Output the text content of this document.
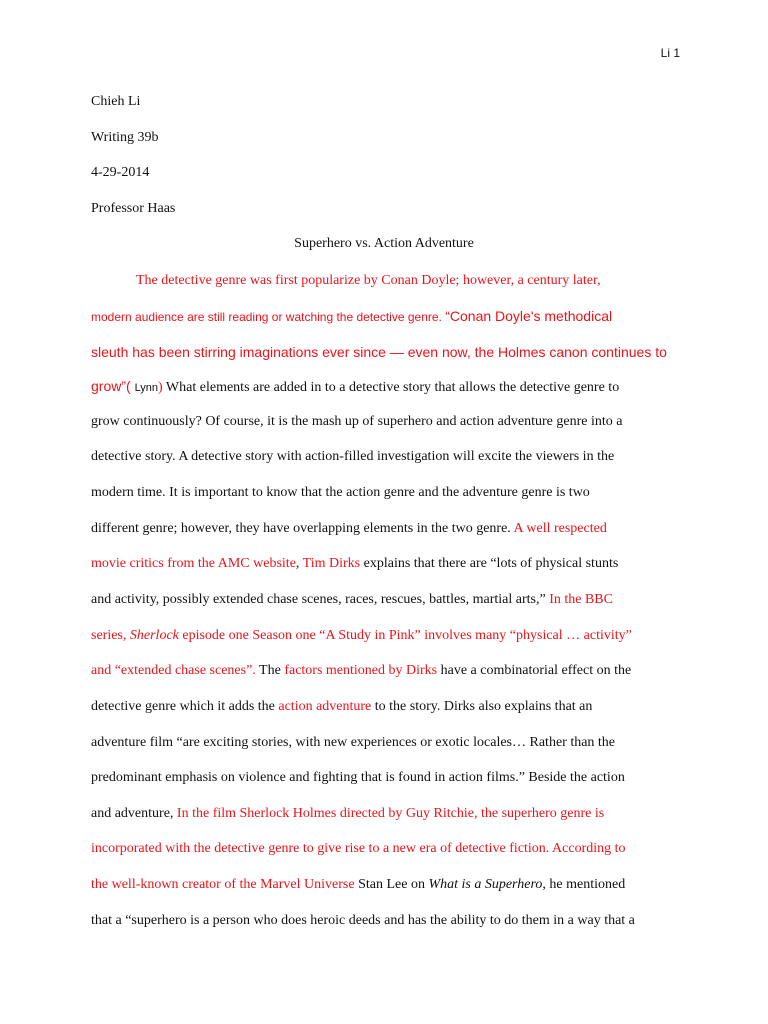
Li 1
Chieh Li
Writing 39b
4-29-2014
Professor Haas
Superhero vs. Action Adventure
The detective genre was first popularize by Conan Doyle; however, a century later,
modern audience are still reading or watching the detective genre. “Conan Doyle's methodical
sleuth has been stirring imaginations ever since — even now, the Holmes canon continues to
grow”( Lynn) What elements are added in to a detective story that allows the detective genre to
grow continuously? Of course, it is the mash up of superhero and action adventure genre into a
detective story. A detective story with action-filled investigation will excite the viewers in the
modern time. It is important to know that the action genre and the adventure genre is two
different genre; however, they have overlapping elements in the two genre. A well respected
movie critics from the AMC website, Tim Dirks explains that there are “lots of physical stunts
and activity, possibly extended chase scenes, races, rescues, battles, martial arts,” In the BBC
series, Sherlock episode one Season one “A Study in Pink” involves many “physical … activity”
and “extended chase scenes”. The factors mentioned by Dirks have a combinatorial effect on the
detective genre which it adds the action adventure to the story. Dirks also explains that an
adventure film “are exciting stories, with new experiences or exotic locales… Rather than the
predominant emphasis on violence and fighting that is found in action films.” Beside the action
and adventure, In the film Sherlock Holmes directed by Guy Ritchie, the superhero genre is
incorporated with the detective genre to give rise to a new era of detective fiction. According to
the well-known creator of the Marvel Universe Stan Lee on What is a Superhero, he mentioned
that a “superhero is a person who does heroic deeds and has the ability to do them in a way that a
